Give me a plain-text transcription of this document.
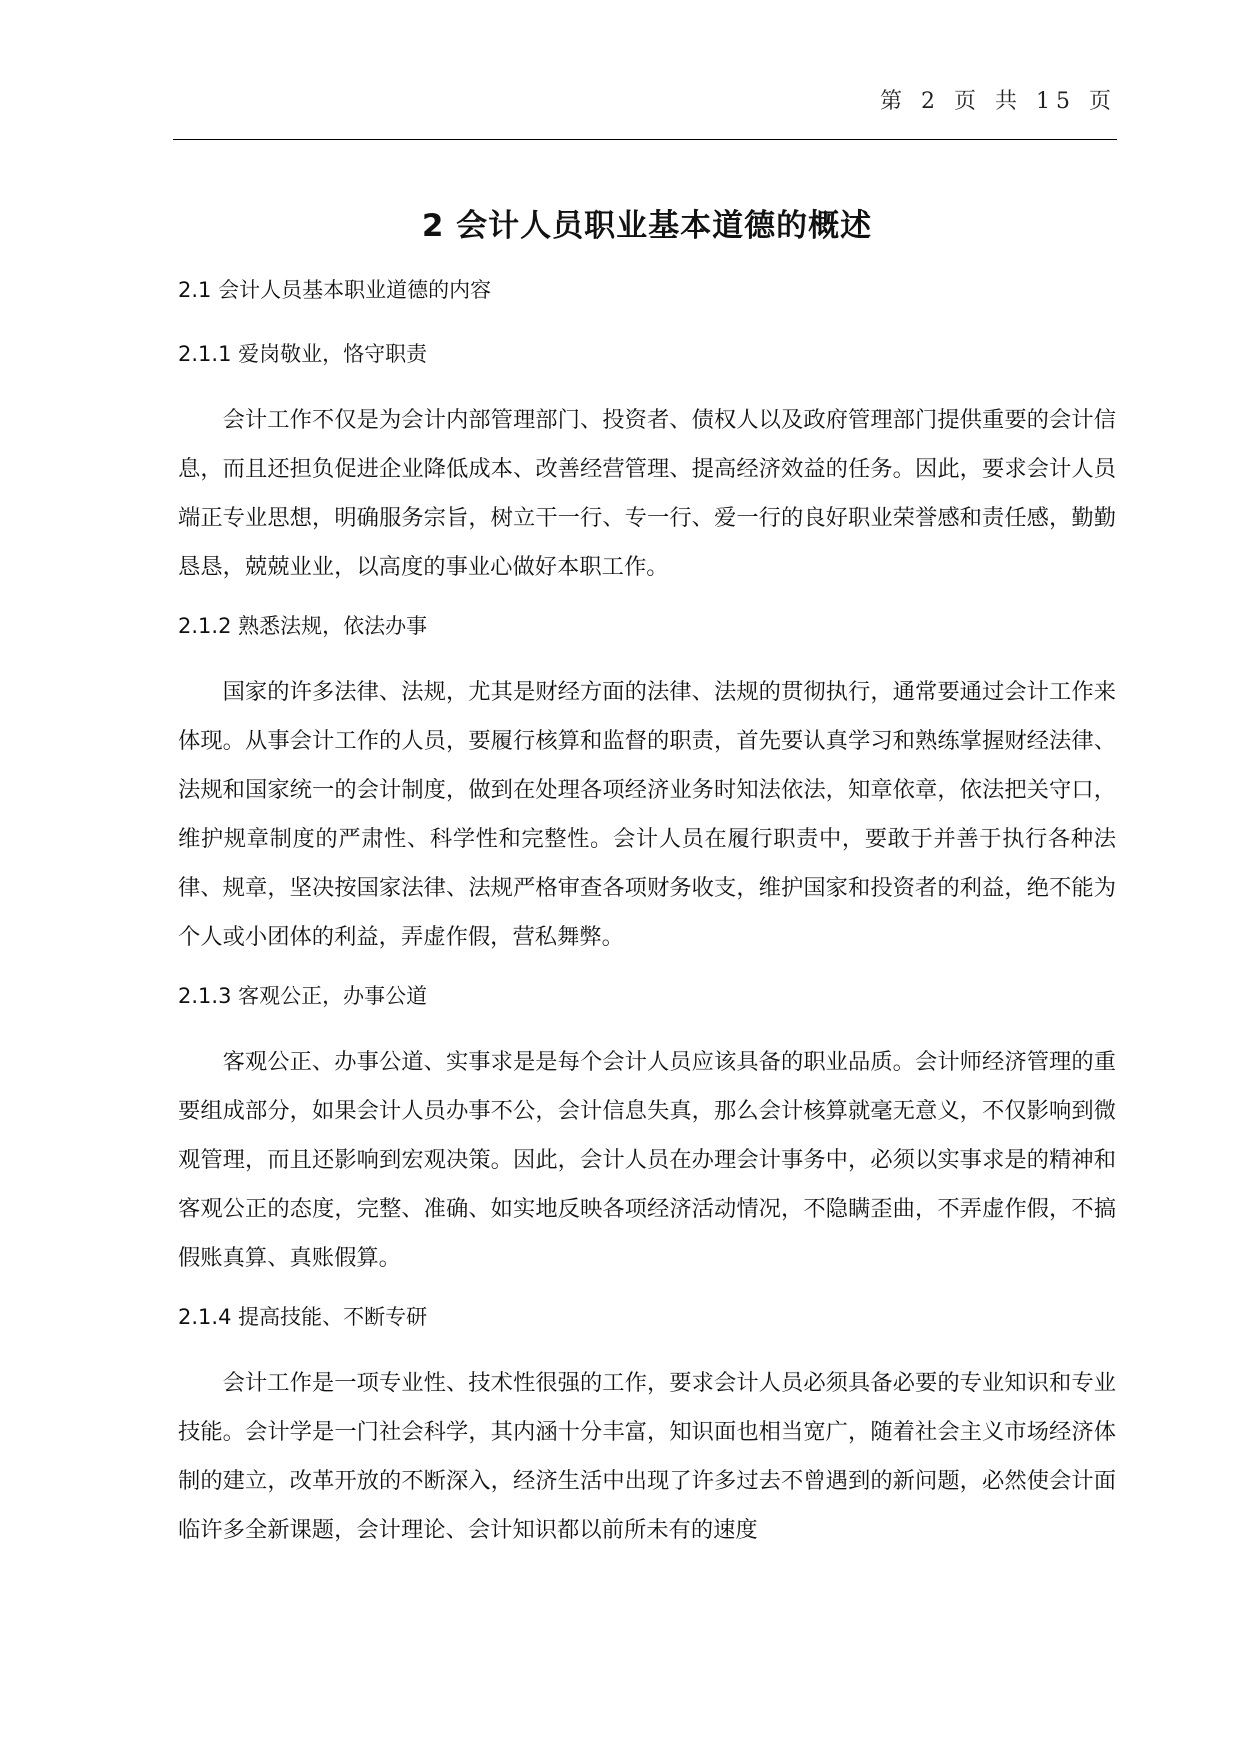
第 2 页 共 15 页
2 会计人员职业基本道德的概述
2.1 会计人员基本职业道德的内容
2.1.1 爱岗敬业，恪守职责

会计工作不仅是为会计内部管理部门、投资者、债权人以及政府管理部门提供重要的会计信息，而且还担负促进企业降低成本、改善经营管理、提高经济效益的任务。因此，要求会计人员端正专业思想，明确服务宗旨，树立干一行、专一行、爱一行的良好职业荣誉感和责任感，勤勤恳恳，兢兢业业，以高度的事业心做好本职工作。

2.1.2 熟悉法规，依法办事

国家的许多法律、法规，尤其是财经方面的法律、法规的贯彻执行，通常要通过会计工作来体现。从事会计工作的人员，要履行核算和监督的职责，首先要认真学习和熟练掌握财经法律、法规和国家统一的会计制度，做到在处理各项经济业务时知法依法，知章依章，依法把关守口，维护规章制度的严肃性、科学性和完整性。会计人员在履行职责中，要敢于并善于执行各种法律、规章，坚决按国家法律、法规严格审查各项财务收支，维护国家和投资者的利益，绝不能为个人或小团体的利益，弄虚作假，营私舞弊。

2.1.3 客观公正，办事公道

客观公正、办事公道、实事求是是每个会计人员应该具备的职业品质。会计师经济管理的重要组成部分，如果会计人员办事不公，会计信息失真，那么会计核算就毫无意义，不仅影响到微观管理，而且还影响到宏观决策。因此，会计人员在办理会计事务中，必须以实事求是的精神和客观公正的态度，完整、准确、如实地反映各项经济活动情况，不隐瞒歪曲，不弄虚作假，不搞假账真算、真账假算。

2.1.4 提高技能、不断专研

会计工作是一项专业性、技术性很强的工作，要求会计人员必须具备必要的专业知识和专业技能。会计学是一门社会科学，其内涵十分丰富，知识面也相当宽广，随着社会主义市场经济体制的建立，改革开放的不断深入，经济生活中出现了许多过去不曾遇到的新问题，必然使会计面临许多全新课题，会计理论、会计知识都以前所未有的速度
